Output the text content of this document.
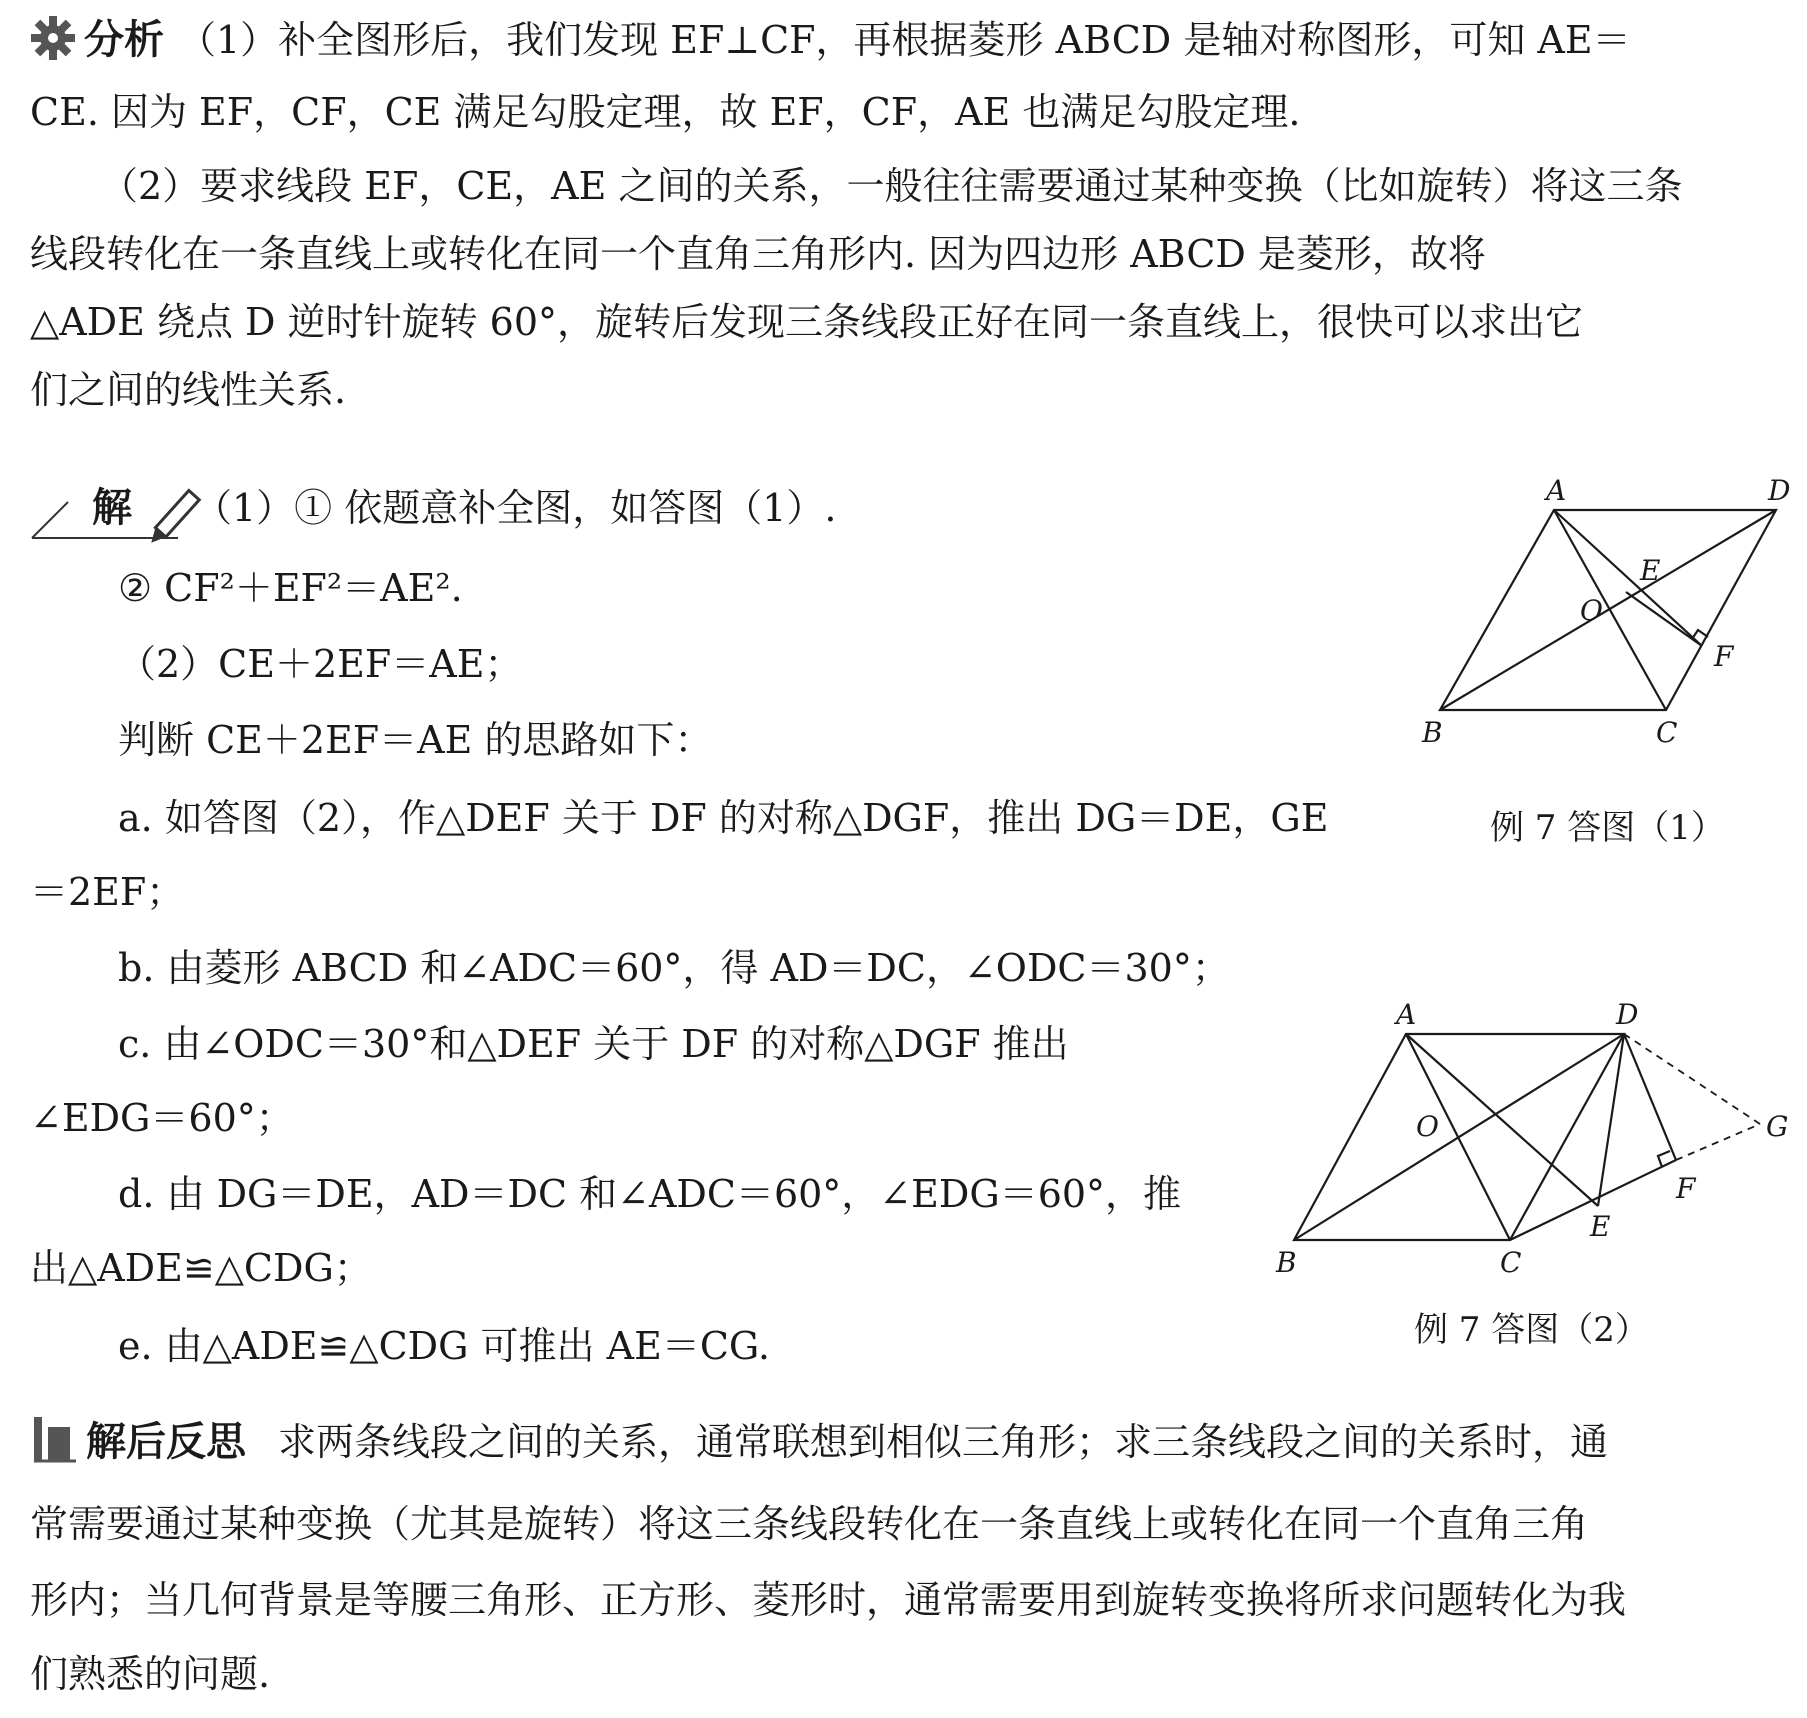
分析 （1）补全图形后，我们发现 EF⊥CF，再根据菱形 ABCD 是轴对称图形，可知 AE＝
CE. 因为 EF，CF，CE 满足勾股定理，故 EF，CF，AE 也满足勾股定理.
（2）要求线段 EF，CE，AE 之间的关系，一般往往需要通过某种变换（比如旋转）将这三条
线段转化在一条直线上或转化在同一个直角三角形内. 因为四边形 ABCD 是菱形，故将
△ADE 绕点 D 逆时针旋转 60°，旋转后发现三条线段正好在同一条直线上，很快可以求出它
们之间的线性关系.
解 （1）① 依题意补全图，如答图（1）.
② CF²＋EF²＝AE².
（2）CE＋2EF＝AE；
判断 CE＋2EF＝AE 的思路如下：
a. 如答图（2），作△DEF 关于 DF 的对称△DGF，推出 DG＝DE，GE
＝2EF；
b. 由菱形 ABCD 和∠ADC＝60°，得 AD＝DC，∠ODC＝30°；
c. 由∠ODC＝30°和△DEF 关于 DF 的对称△DGF 推出
∠EDG＝60°；
d. 由 DG＝DE，AD＝DC 和∠ADC＝60°，∠EDG＝60°，推
出△ADE≌△CDG；
e. 由△ADE≌△CDG 可推出 AE＝CG.
A	D
E
O
F
B	C
例 7 答图（1）
A	D
G
O
F
E
B	C
例 7 答图（2）
解后反思 求两条线段之间的关系，通常联想到相似三角形；求三条线段之间的关系时，通
常需要通过某种变换（尤其是旋转）将这三条线段转化在一条直线上或转化在同一个直角三角
形内；当几何背景是等腰三角形、正方形、菱形时，通常需要用到旋转变换将所求问题转化为我
们熟悉的问题.
